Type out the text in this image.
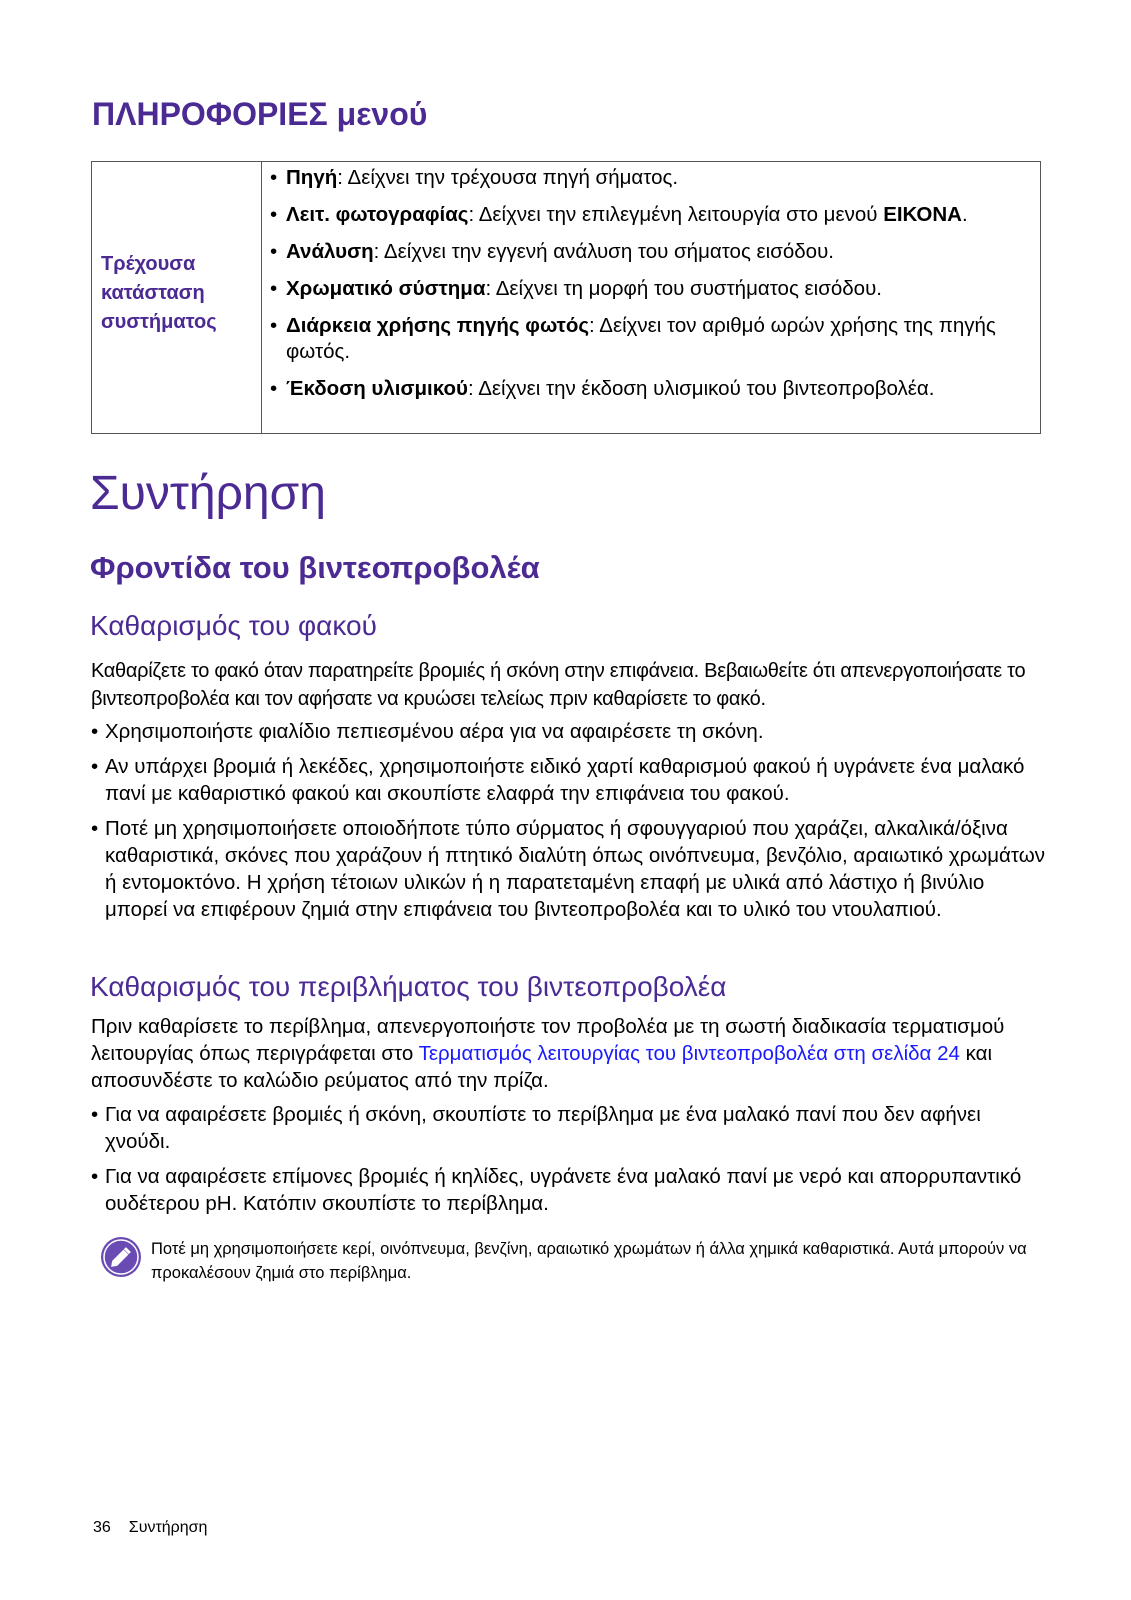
ΠΛΗΡΟΦΟΡΙΕΣ μενού
Τρέχουσα κατάσταση συστήματος
• Πηγή: Δείχνει την τρέχουσα πηγή σήματος.
• Λειτ. φωτογραφίας: Δείχνει την επιλεγμένη λειτουργία στο μενού ΕΙΚΟΝΑ.
• Ανάλυση: Δείχνει την εγγενή ανάλυση του σήματος εισόδου.
• Χρωματικό σύστημα: Δείχνει τη μορφή του συστήματος εισόδου.
• Διάρκεια χρήσης πηγής φωτός: Δείχνει τον αριθμό ωρών χρήσης της πηγής φωτός.
• Έκδοση υλισμικού: Δείχνει την έκδοση υλισμικού του βιντεοπροβολέα.
Συντήρηση
Φροντίδα του βιντεοπροβολέα
Καθαρισμός του φακού

Καθαρίζετε το φακό όταν παρατηρείτε βρομιές ή σκόνη στην επιφάνεια. Βεβαιωθείτε ότι απενεργοποιήσατε το βιντεοπροβολέα και τον αφήσατε να κρυώσει τελείως πριν καθαρίσετε το φακό.

• Χρησιμοποιήστε φιαλίδιο πεπιεσμένου αέρα για να αφαιρέσετε τη σκόνη.
• Αν υπάρχει βρομιά ή λεκέδες, χρησιμοποιήστε ειδικό χαρτί καθαρισμού φακού ή υγράνετε ένα μαλακό πανί με καθαριστικό φακού και σκουπίστε ελαφρά την επιφάνεια του φακού.
• Ποτέ μη χρησιμοποιήσετε οποιοδήποτε τύπο σύρματος ή σφουγγαριού που χαράζει, αλκαλικά/όξινα καθαριστικά, σκόνες που χαράζουν ή πτητικό διαλύτη όπως οινόπνευμα, βενζόλιο, αραιωτικό χρωμάτων ή εντομοκτόνο. Η χρήση τέτοιων υλικών ή η παρατεταμένη επαφή με υλικά από λάστιχο ή βινύλιο μπορεί να επιφέρουν ζημιά στην επιφάνεια του βιντεοπροβολέα και το υλικό του ντουλαπιού.
Καθαρισμός του περιβλήματος του βιντεοπροβολέα

Πριν καθαρίσετε το περίβλημα, απενεργοποιήστε τον προβολέα με τη σωστή διαδικασία τερματισμού λειτουργίας όπως περιγράφεται στο Τερματισμός λειτουργίας του βιντεοπροβολέα στη σελίδα 24 και αποσυνδέστε το καλώδιο ρεύματος από την πρίζα.

• Για να αφαιρέσετε βρομιές ή σκόνη, σκουπίστε το περίβλημα με ένα μαλακό πανί που δεν αφήνει χνούδι.
• Για να αφαιρέσετε επίμονες βρομιές ή κηλίδες, υγράνετε ένα μαλακό πανί με νερό και απορρυπαντικό ουδέτερου pH. Κατόπιν σκουπίστε το περίβλημα.

Ποτέ μη χρησιμοποιήσετε κερί, οινόπνευμα, βενζίνη, αραιωτικό χρωμάτων ή άλλα χημικά καθαριστικά. Αυτά μπορούν να προκαλέσουν ζημιά στο περίβλημα.

36 Συντήρηση
